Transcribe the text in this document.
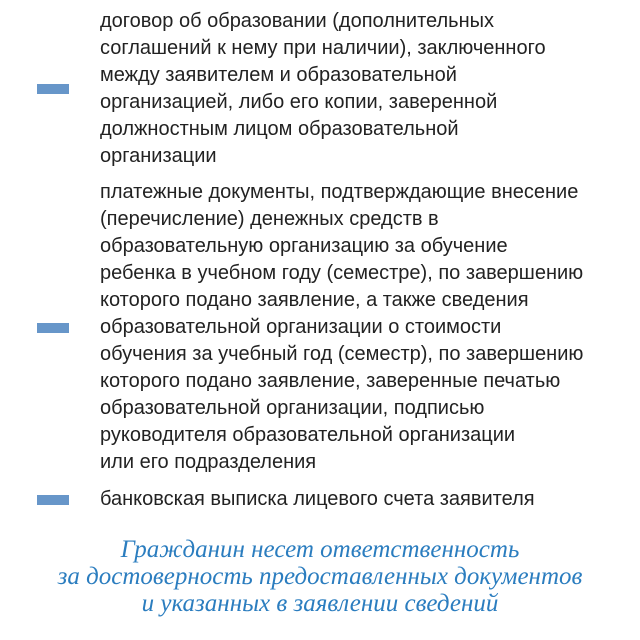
договор об образовании (дополнительных
соглашений к нему при наличии), заключенного
между заявителем и образовательной
организацией, либо его копии, заверенной
должностным лицом образовательной
организации
платежные документы, подтверждающие внесение
(перечисление) денежных средств в
образовательную организацию за обучение
ребенка в учебном году (семестре), по завершению
которого подано заявление, а также сведения
образовательной организации о стоимости
обучения за учебный год (семестр), по завершению
которого подано заявление, заверенные печатью
образовательной организации, подписью
руководителя образовательной организации
или его подразделения
банковская выписка лицевого счета заявителя
Гражданин несет ответственность
за достоверность предоставленных документов
и указанных в заявлении сведений
